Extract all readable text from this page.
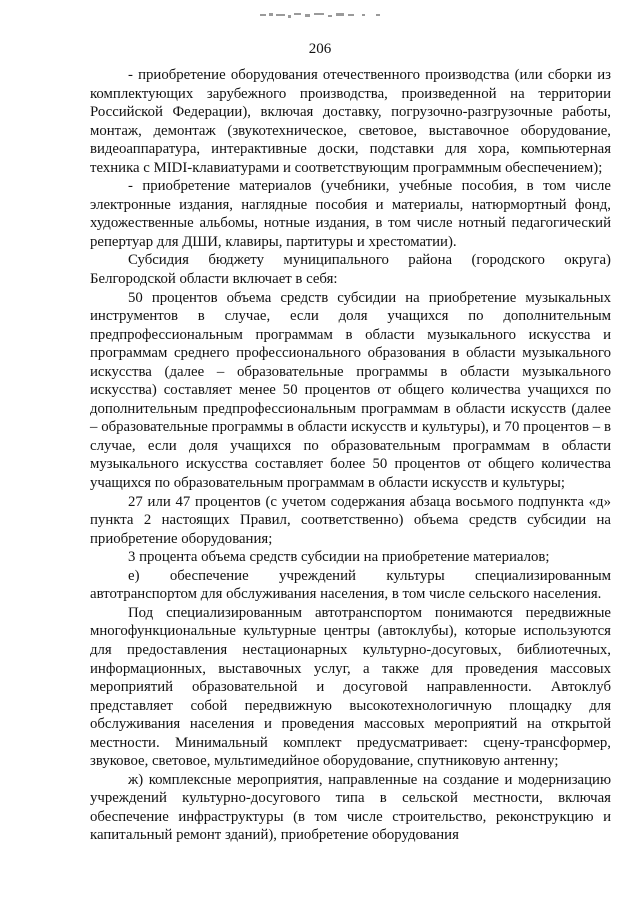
206

- приобретение оборудования отечественного производства (или сборки из комплектующих зарубежного производства, произведенной на территории Российской Федерации), включая доставку, погрузочно-разгрузочные работы, монтаж, демонтаж (звукотехническое, световое, выставочное оборудование, видеоаппаратура, интерактивные доски, подставки для хора, компьютерная техника с MIDI-клавиатурами и соответствующим программным обеспечением);

- приобретение материалов (учебники, учебные пособия, в том числе электронные издания, наглядные пособия и материалы, натюрмортный фонд, художественные альбомы, нотные издания, в том числе нотный педагогический репертуар для ДШИ, клавиры, партитуры и хрестоматии).

Субсидия бюджету муниципального района (городского округа) Белгородской области включает в себя:

50 процентов объема средств субсидии на приобретение музыкальных инструментов в случае, если доля учащихся по дополнительным предпрофессиональным программам в области музыкального искусства и программам среднего профессионального образования в области музыкального искусства (далее – образовательные программы в области музыкального искусства) составляет менее 50 процентов от общего количества учащихся по дополнительным предпрофессиональным программам в области искусств (далее – образовательные программы в области искусств и культуры), и 70 процентов – в случае, если доля учащихся по образовательным программам в области музыкального искусства составляет более 50 процентов от общего количества учащихся по образовательным программам в области искусств и культуры;

27 или 47 процентов (с учетом содержания абзаца восьмого подпункта «д» пункта 2 настоящих Правил, соответственно) объема средств субсидии на приобретение оборудования;

3 процента объема средств субсидии на приобретение материалов;

е) обеспечение учреждений культуры специализированным автотранспортом для обслуживания населения, в том числе сельского населения.

Под специализированным автотранспортом понимаются передвижные многофункциональные культурные центры (автоклубы), которые используются для предоставления нестационарных культурно-досуговых, библиотечных, информационных, выставочных услуг, а также для проведения массовых мероприятий образовательной и досуговой направленности. Автоклуб представляет собой передвижную высокотехнологичную площадку для обслуживания населения и проведения массовых мероприятий на открытой местности. Минимальный комплект предусматривает: сцену-трансформер, звуковое, световое, мультимедийное оборудование, спутниковую антенну;

ж) комплексные мероприятия, направленные на создание и модернизацию учреждений культурно-досугового типа в сельской местности, включая обеспечение инфраструктуры (в том числе строительство, реконструкцию и капитальный ремонт зданий), приобретение оборудования
